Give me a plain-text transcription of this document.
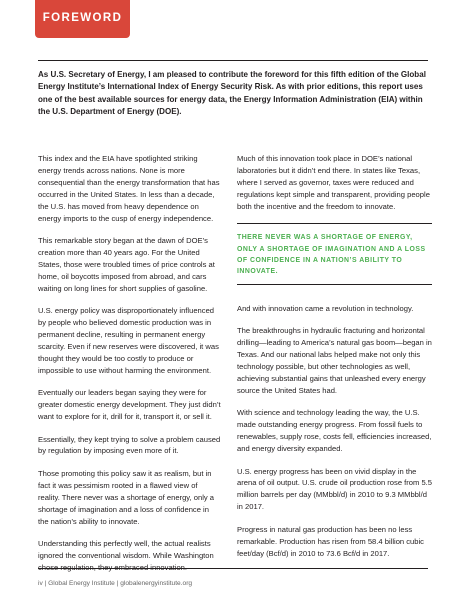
FOREWORD

As U.S. Secretary of Energy, I am pleased to contribute the foreword for this fifth edition of the Global Energy Institute’s International Index of Energy Security Risk. As with prior editions, this report uses one of the best available sources for energy data, the Energy Information Administration (EIA) within the U.S. Department of Energy (DOE).

This index and the EIA have spotlighted striking energy trends across nations. None is more consequential than the energy transformation that has occurred in the United States. In less than a decade, the U.S. has moved from heavy dependence on energy imports to the cusp of energy independence.

This remarkable story began at the dawn of DOE’s creation more than 40 years ago. For the United States, those were troubled times of price controls at home, oil boycotts imposed from abroad, and cars waiting on long lines for short supplies of gasoline.

U.S. energy policy was disproportionately influenced by people who believed domestic production was in permanent decline, resulting in permanent energy scarcity. Even if new reserves were discovered, it was thought they would be too costly to produce or impossible to use without harming the environment.

Eventually our leaders began saying they were for greater domestic energy development. They just didn’t want to explore for it, drill for it, transport it, or sell it.

Essentially, they kept trying to solve a problem caused by regulation by imposing even more of it.

Those promoting this policy saw it as realism, but in fact it was pessimism rooted in a flawed view of reality. There never was a shortage of energy, only a shortage of imagination and a loss of confidence in the nation’s ability to innovate.

Understanding this perfectly well, the actual realists ignored the conventional wisdom. While Washington

Much of this innovation took place in DOE’s national laboratories but it didn’t end there. In states like Texas, where I served as governor, taxes were reduced and regulations kept simple and transparent, providing people both the incentive and the freedom to innovate.

THERE NEVER WAS A SHORTAGE OF ENERGY, ONLY A SHORTAGE OF IMAGINATION AND A LOSS OF CONFIDENCE IN A NATION’S ABILITY TO INNOVATE.

And with innovation came a revolution in technology.

The breakthroughs in hydraulic fracturing and horizontal drilling—leading to America’s natural gas boom—began in Texas. And our national labs helped make not only this technology possible, but other technologies as well, achieving substantial gains that unleashed every energy source the United States had.

With science and technology leading the way, the U.S. made outstanding energy progress. From fossil fuels to renewables, supply rose, costs fell, efficiencies increased, and energy diversity expanded.

U.S. energy progress has been on vivid display in the arena of oil output. U.S. crude oil production rose from 5.5 million barrels per day (MMbbl/d) in 2010 to 9.3 MMbbl/d in 2017.

Progress in natural gas production has been no less remarkable. Production has risen from 58.4 billion cubic feet/day (Bcf/d) in 2010 to 73.6 Bcf/d in 2017.

iv | Global Energy Institute | globalenergyinstitute.org
